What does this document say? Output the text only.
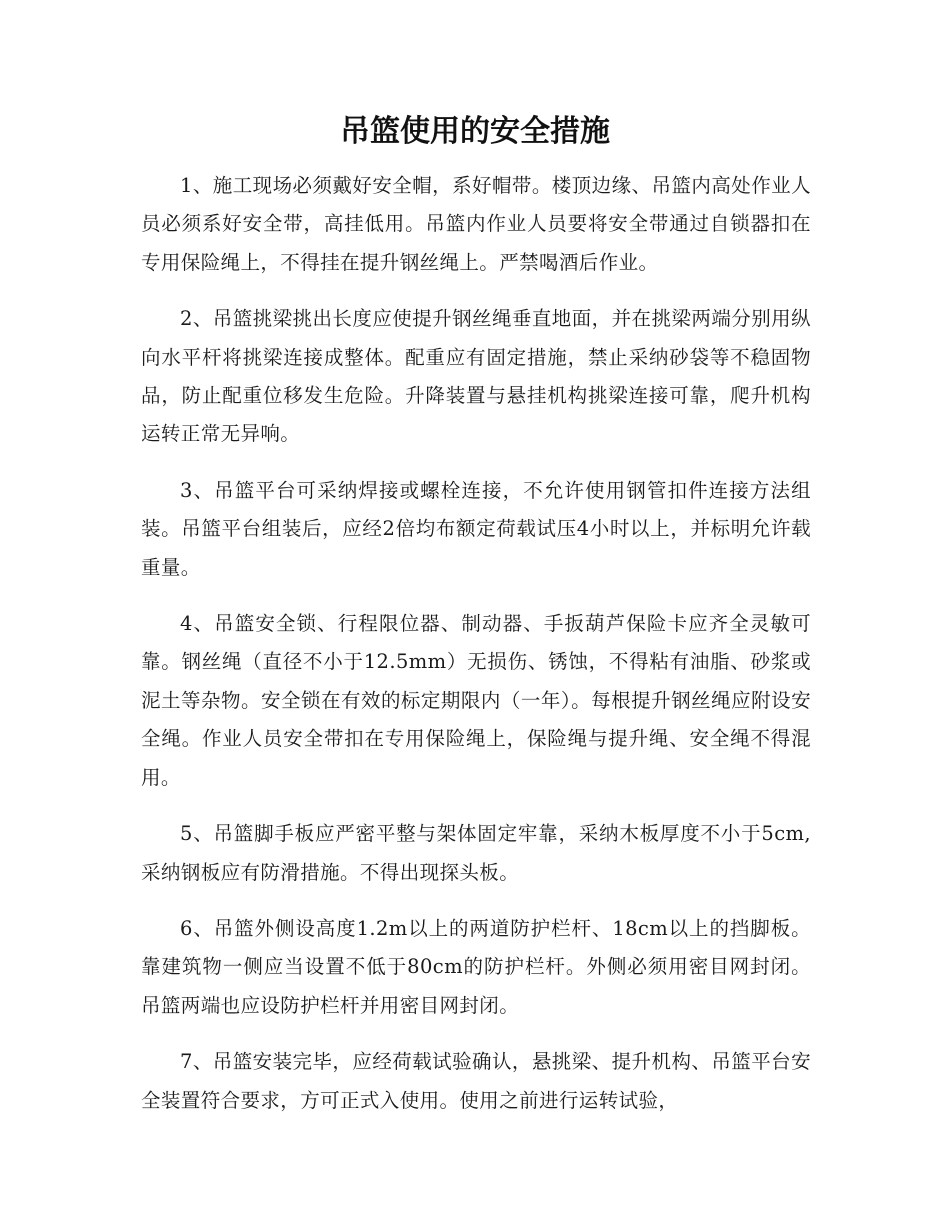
吊篮使用的安全措施

1、施工现场必须戴好安全帽，系好帽带。楼顶边缘、吊篮内高处作业人员必须系好安全带，高挂低用。吊篮内作业人员要将安全带通过自锁器扣在专用保险绳上，不得挂在提升钢丝绳上。严禁喝酒后作业。

2、吊篮挑梁挑出长度应使提升钢丝绳垂直地面，并在挑梁两端分别用纵向水平杆将挑梁连接成整体。配重应有固定措施，禁止采纳砂袋等不稳固物品，防止配重位移发生危险。升降装置与悬挂机构挑梁连接可靠，爬升机构运转正常无异响。

3、吊篮平台可采纳焊接或螺栓连接，不允许使用钢管扣件连接方法组装。吊篮平台组装后，应经2倍均布额定荷载试压4小时以上，并标明允许载重量。

4、吊篮安全锁、行程限位器、制动器、手扳葫芦保险卡应齐全灵敏可靠。钢丝绳（直径不小于12.5mm）无损伤、锈蚀，不得粘有油脂、砂浆或泥土等杂物。安全锁在有效的标定期限内（一年）。每根提升钢丝绳应附设安全绳。作业人员安全带扣在专用保险绳上，保险绳与提升绳、安全绳不得混用。

5、吊篮脚手板应严密平整与架体固定牢靠，采纳木板厚度不小于5cm,采纳钢板应有防滑措施。不得出现探头板。

6、吊篮外侧设高度1.2m以上的两道防护栏杆、18cm以上的挡脚板。靠建筑物一侧应当设置不低于80cm的防护栏杆。外侧必须用密目网封闭。吊篮两端也应设防护栏杆并用密目网封闭。

7、吊篮安装完毕，应经荷载试验确认，悬挑梁、提升机构、吊篮平台安全装置符合要求，方可正式入使用。使用之前进行运转试验，
